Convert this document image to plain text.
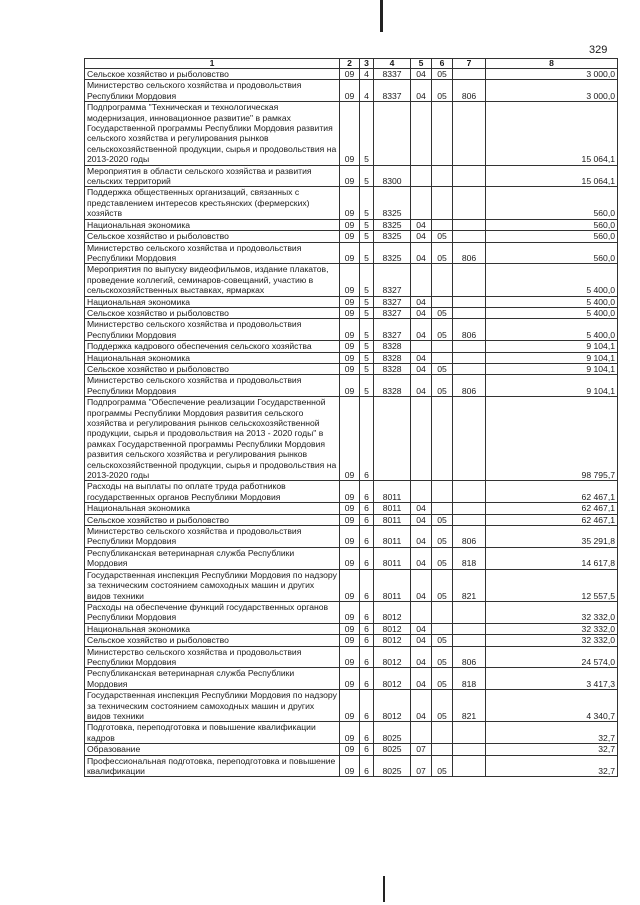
329
1	2	3	4	5	6	7	8
Сельское хозяйство и рыболовство	09	4	8337	04	05		3 000,0
Министерство сельского хозяйства и продовольствия Республики Мордовия	09	4	8337	04	05	806	3 000,0
Подпрограмма "Техническая и технологическая модернизация, инновационное развитие" в рамках Государственной программы Республики Мордовия развития сельского хозяйства и регулирования рынков сельскохозяйственной продукции, сырья и продовольствия на 2013-2020 годы	09	5					15 064,1
Мероприятия в области сельского хозяйства и развития сельских территорий	09	5	8300				15 064,1
Поддержка общественных организаций, связанных с представлением интересов крестьянских (фермерских) хозяйств	09	5	8325				560,0
Национальная экономика	09	5	8325	04			560,0
Сельское хозяйство и рыболовство	09	5	8325	04	05		560,0
Министерство сельского хозяйства и продовольствия Республики Мордовия	09	5	8325	04	05	806	560,0
Мероприятия по выпуску видеофильмов, издание плакатов, проведение коллегий, семинаров-совещаний, участию в сельскохозяйственных выставках, ярмарках	09	5	8327				5 400,0
Национальная экономика	09	5	8327	04			5 400,0
Сельское хозяйство и рыболовство	09	5	8327	04	05		5 400,0
Министерство сельского хозяйства и продовольствия Республики Мордовия	09	5	8327	04	05	806	5 400,0
Поддержка кадрового обеспечения сельского хозяйства	09	5	8328				9 104,1
Национальная экономика	09	5	8328	04			9 104,1
Сельское хозяйство и рыболовство	09	5	8328	04	05		9 104,1
Министерство сельского хозяйства и продовольствия Республики Мордовия	09	5	8328	04	05	806	9 104,1
Подпрограмма "Обеспечение реализации Государственной программы Республики Мордовия развития сельского хозяйства и регулирования рынков сельскохозяйственной продукции, сырья и продовольствия на 2013 - 2020 годы" в рамках Государственной программы Республики Мордовия развития сельского хозяйства и регулирования рынков сельскохозяйственной продукции, сырья и продовольствия на 2013-2020 годы	09	6					98 795,7
Расходы на выплаты по оплате труда работников государственных органов Республики Мордовия	09	6	8011				62 467,1
Национальная экономика	09	6	8011	04			62 467,1
Сельское хозяйство и рыболовство	09	6	8011	04	05		62 467,1
Министерство сельского хозяйства и продовольствия Республики Мордовия	09	6	8011	04	05	806	35 291,8
Республиканская ветеринарная служба Республики Мордовия	09	6	8011	04	05	818	14 617,8
Государственная инспекция Республики Мордовия по надзору за техническим состоянием самоходных машин и других видов техники	09	6	8011	04	05	821	12 557,5
Расходы на обеспечение функций государственных органов Республики Мордовия	09	6	8012				32 332,0
Национальная экономика	09	6	8012	04			32 332,0
Сельское хозяйство и рыболовство	09	6	8012	04	05		32 332,0
Министерство сельского хозяйства и продовольствия Республики Мордовия	09	6	8012	04	05	806	24 574,0
Республиканская ветеринарная служба Республики Мордовия	09	6	8012	04	05	818	3 417,3
Государственная инспекция Республики Мордовия по надзору за техническим состоянием самоходных машин и других видов техники	09	6	8012	04	05	821	4 340,7
Подготовка, переподготовка и повышение квалификации кадров	09	6	8025				32,7
Образование	09	6	8025	07			32,7
Профессиональная подготовка, переподготовка и повышение квалификации	09	6	8025	07	05		32,7
